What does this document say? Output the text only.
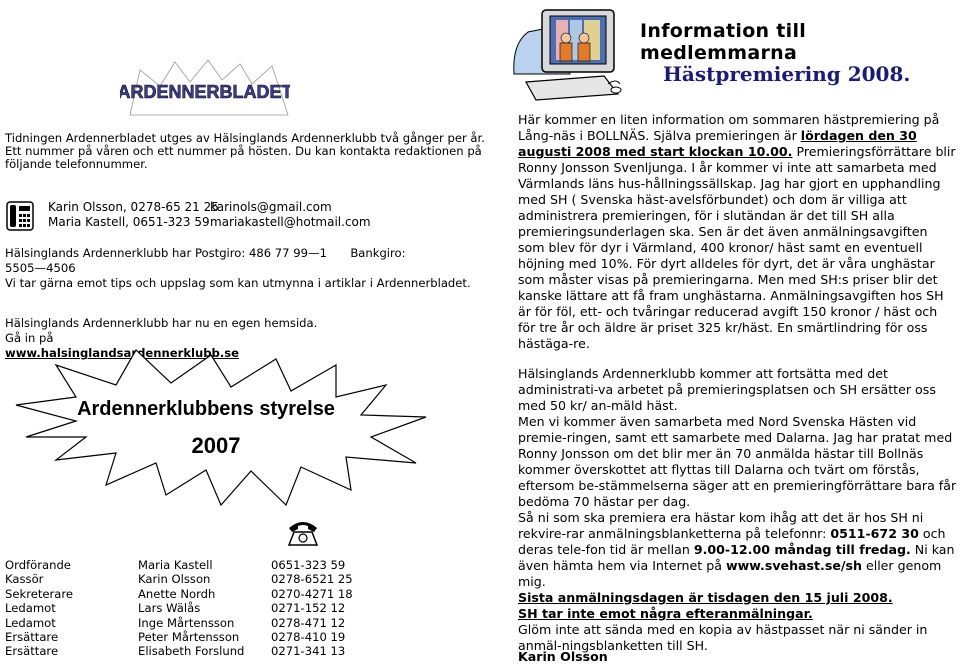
ARDENNERBLADET
Tidningen Ardennerbladet utges av Hälsinglands Ardennerklubb två gånger per år. Ett nummer på våren och ett nummer på hösten. Du kan kontakta redaktionen på följande telefonnummer.
Karin Olsson, 0278-65 21 25
karinols@gmail.com
Maria Kastell, 0651-323 59 mariakastell@hotmail.com
Hälsinglands Ardennerklubb har Postgiro: 486 77 99—1 Bankgiro:
5505—4506
Vi tar gärna emot tips och uppslag som kan utmynna i artiklar i Ardennerbladet.
Hälsinglands Ardennerklubb har nu en egen hemsida.
Gå in på
www.halsinglandsardennerklubb.se
Ardennerklubbens styrelse
2007
Ordförande	Maria Kastell	0651-323 59
Kassör	Karin Olsson	0278-6521 25
Sekreterare	Anette Nordh	0270-4271 18
Ledamot	Lars Wälås	0271-152 12
Ledamot	Inge Mårtensson	0278-471 12
Ersättare	Peter Mårtensson	0278-410 19
Ersättare	Elisabeth Forslund	0271-341 13
Information till medlemmarna
Hästpremiering 2008.

Här kommer en liten information om sommaren hästpremiering på Lång-näs i BOLLNÄS. Själva premieringen är lördagen den 30 augusti 2008 med start klockan 10.00. Premieringsförrättare blir Ronny Jonsson Svenljunga. I år kommer vi inte att samarbeta med Värmlands läns hus-hållningssällskap. Jag har gjort en upphandling med SH ( Svenska häst-avelsförbundet) och dom är villiga att administrera premieringen, för i slutändan är det till SH alla premieringsunderlagen ska. Sen är det även anmälningsavgiften som blev för dyr i Värmland, 400 kronor/ häst samt en eventuell höjning med 10%. För dyrt alldeles för dyrt, det är våra unghästar som måster visas på premieringarna. Men med SH:s priser blir det kanske lättare att få fram unghästarna. Anmälningsavgiften hos SH är för föl, ett- och tvåringar reducerad avgift 150 kronor / häst och för tre år och äldre är priset 325 kr/häst. En smärtlindring för oss hästäga-re.

Hälsinglands Ardennerklubb kommer att fortsätta med det administrati-va arbetet på premieringsplatsen och SH ersätter oss med 50 kr/ an-mäld häst.

Men vi kommer även samarbeta med Nord Svenska Hästen vid premie-ringen, samt ett samarbete med Dalarna. Jag har pratat med Ronny Jonsson om det blir mer än 70 anmälda hästar till Bollnäs kommer överskottet att flyttas till Dalarna och tvärt om förstås, eftersom be-stämmelserna säger att en premieringförrättare bara får bedöma 70 hästar per dag.

Så ni som ska premiera era hästar kom ihåg att det är hos SH ni rekvire-rar anmälningsblanketterna på telefonnr: 0511-672 30 och deras tele-fon tid är mellan 9.00-12.00 måndag till fredag. Ni kan även hämta hem via Internet på www.svehast.se/sh eller genom mig.

Sista anmälningsdagen är tisdagen den 15 juli 2008.

SH tar inte emot några efteranmälningar.

Glöm inte att sända med en kopia av hästpasset när ni sänder in anmäl-ningsblanketten till SH.

Karin Olsson
